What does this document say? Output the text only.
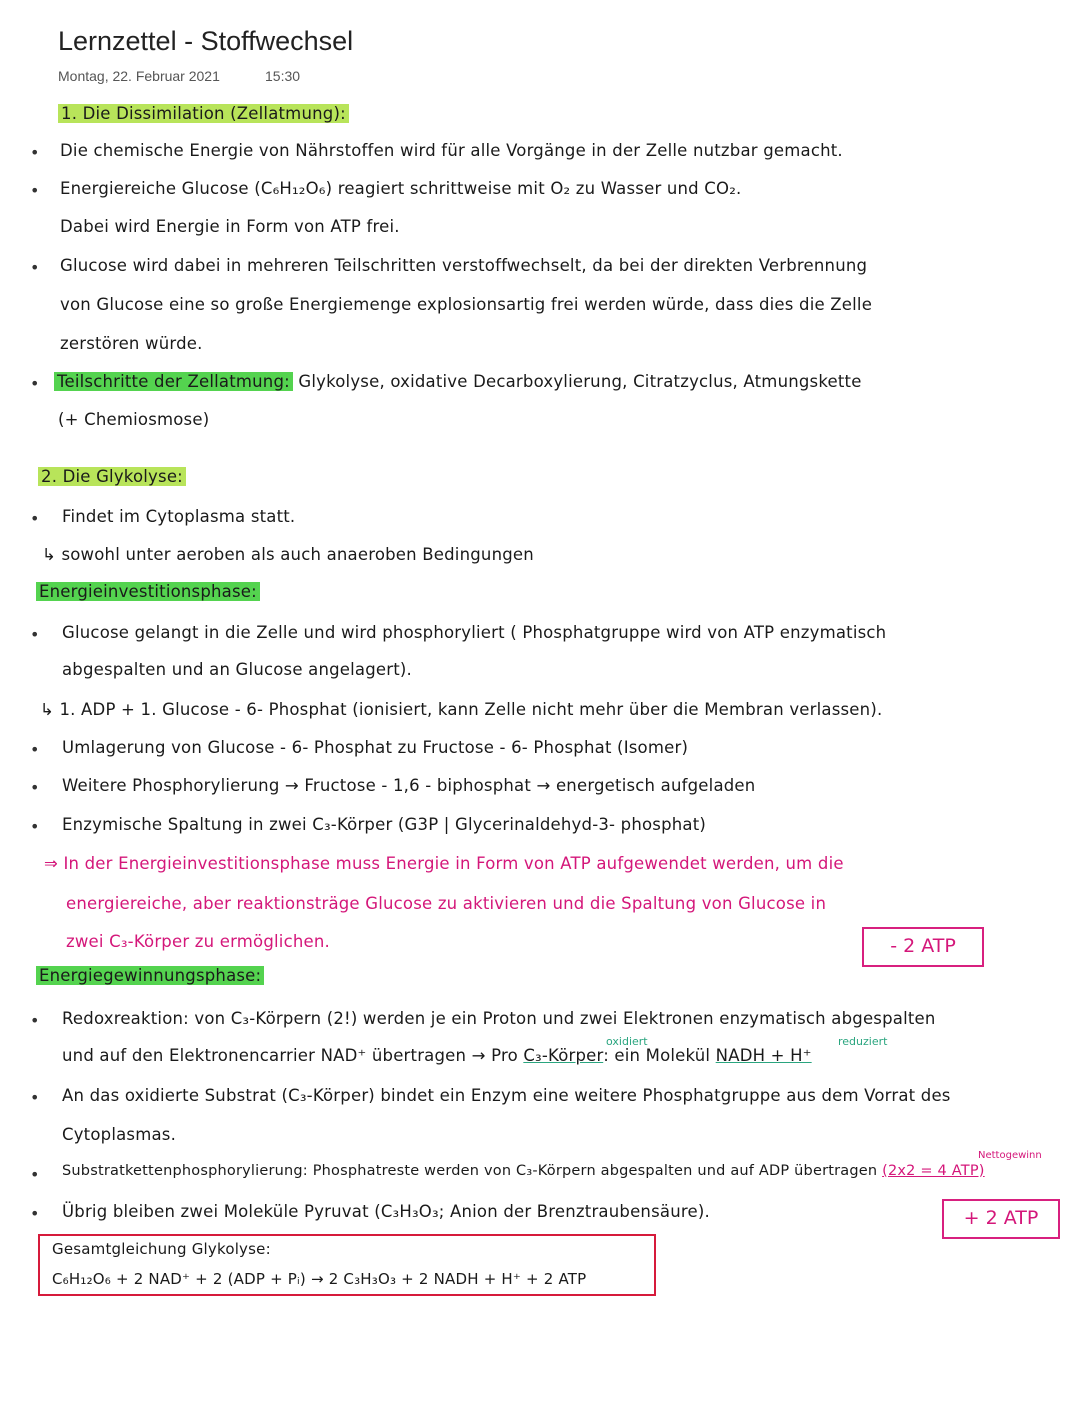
Lernzettel - Stoffwechsel
Montag, 22. Februar 2021	15:30
1. Die Dissimilation (Zellatmung):
• Die chemische Energie von Nährstoffen wird für alle Vorgänge in der Zelle nutzbar gemacht.
• Energiereiche Glucose (C₆H₁₂O₆) reagiert schrittweise mit O₂ zu Wasser und CO₂.
Dabei wird Energie in Form von ATP frei.
• Glucose wird dabei in mehreren Teilschritten verstoffwechselt, da bei der direkten Verbrennung
von Glucose eine so große Energiemenge explosionsartig frei werden würde, dass dies die Zelle
zerstören würde.
• Teilschritte der Zellatmung: Glykolyse, oxidative Decarboxylierung, Citratzyclus, Atmungskette
(+ Chemiosmose)
2. Die Glykolyse:
• Findet im Cytoplasma statt.
↳ sowohl unter aeroben als auch anaeroben Bedingungen
Energieinvestitionsphase:
• Glucose gelangt in die Zelle und wird phosphoryliert ( Phosphatgruppe wird von ATP enzymatisch
abgespalten und an Glucose angelagert).
↳ 1. ADP + 1. Glucose - 6- Phosphat (ionisiert, kann Zelle nicht mehr über die Membran verlassen).
• Umlagerung von Glucose - 6- Phosphat zu Fructose - 6- Phosphat (Isomer)
• Weitere Phosphorylierung → Fructose - 1,6 - biphosphat → energetisch aufgeladen
• Enzymische Spaltung in zwei C₃-Körper (G3P | Glycerinaldehyd-3- phosphat)
⇒ In der Energieinvestitionsphase muss Energie in Form von ATP aufgewendet werden, um die
energiereiche, aber reaktionsträge Glucose zu aktivieren und die Spaltung von Glucose in
zwei C₃-Körper zu ermöglichen.	- 2 ATP
Energiegewinnungsphase:
• Redoxreaktion: von C₃-Körpern (2!) werden je ein Proton und zwei Elektronen enzymatisch abgespalten
oxidiert	reduziert
und auf den Elektronencarrier NAD⁺ übertragen → Pro C₃-Körper: ein Molekül NADH + H⁺
• An das oxidierte Substrat (C₃-Körper) bindet ein Enzym eine weitere Phosphatgruppe aus dem Vorrat des
Cytoplasmas.
Nettogewinn
• Substratkettenphosphorylierung: Phosphatreste werden von C₃-Körpern abgespalten und auf ADP übertragen (2x2 = 4 ATP)
• Übrig bleiben zwei Moleküle Pyruvat (C₃H₃O₃; Anion der Brenztraubensäure).	+ 2 ATP
Gesamtgleichung Glykolyse:
C₆H₁₂O₆ + 2 NAD⁺ + 2 (ADP + Pᵢ) → 2 C₃H₃O₃ + 2 NADH + H⁺ + 2 ATP
